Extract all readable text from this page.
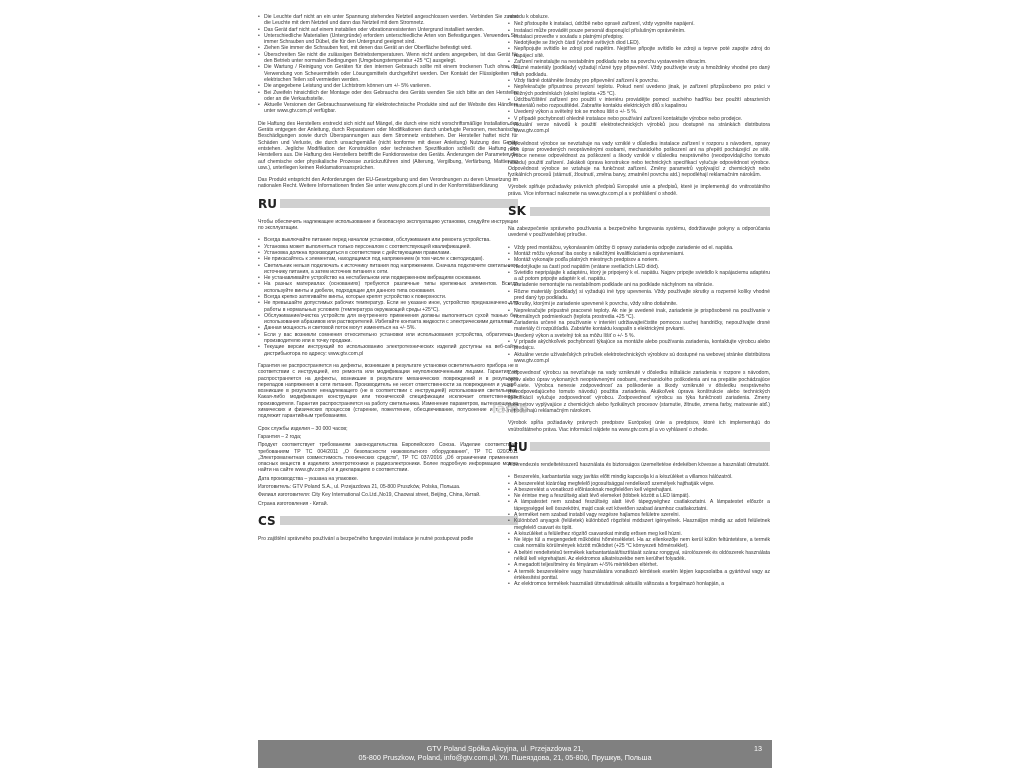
• Die Leuchte darf nicht an ein unter Spannung stehendes Netzteil angeschlossen werden. Verbinden Sie zuerst die Leuchte mit dem Netzteil und dann das Netzteil mit dem Stromnetz.
• Das Gerät darf nicht auf einem instabilen oder vibrationsresistenten Untergrund installiert werden.
• Unterschiedliche Materialien (Untergründe) erfordern unterschiedliche Arten von Befestigungen. Verwenden Sie immer Schrauben und Dübel, die für den Untergrund geeignet sind.
• Ziehen Sie immer die Schrauben fest, mit denen das Gerät an der Oberfläche befestigt wird.
• Überschreiten Sie nicht die zulässigen Betriebstemperaturen. Wenn nicht anders angegeben, ist das Gerät für den Betrieb unter normalen Bedingungen (Umgebungstemperatur +25 °C) ausgelegt.
• Die Wartung / Reinigung von Geräten für den internen Gebrauch sollte mit einem trockenen Tuch ohne die Verwendung von Scheuermitteln oder Lösungsmitteln durchgeführt werden. Der Kontakt der Flüssigkeiten mit elektrischen Teilen soll vermieden werden.
• Die angegebene Leistung und der Lichtstrom können um +/- 5% variieren.
• Bei Zweifeln hinsichtlich der Montage oder des Gebrauchs des Geräts wenden Sie sich bitte an den Hersteller oder an die Verkaufsstelle.
• Aktuelle Versionen der Gebrauchsanweisung für elektrotechnische Produkte sind auf der Website des Händlers unter www.gtv.com.pl verfügbar.

Die Haftung des Herstellers erstreckt sich nicht auf Mängel, die durch eine nicht vorschriftsmäßige Installation des Geräts entgegen der Anleitung, durch Reparaturen oder Modifikationen durch unbefugte Personen, mechanische Beschädigungen sowie durch Überspannungen aus dem Stromnetz entstehen. Der Hersteller haftet nicht für Schäden und Verluste, die durch unsachgemäße (nicht konforme mit dieser Anleitung) Nutzung des Geräts entstehen. Jegliche Modifikation der Konstruktion oder technischen Spezifikation schließt die Haftung des Herstellers aus. Die Haftung des Herstellers betrifft die Funktionsweise des Geräts. Änderungen der Parameter, die auf chemische oder physikalische Prozesse zurückzuführen sind (Alterung, Vergilbung, Verfärbung, Mattierung usw.), unterliegen keinen Reklamationsansprüchen.

Das Produkt entspricht den Anforderungen der EU-Gesetzgebung und den Verordnungen zu deren Umsetzung im nationalen Recht. Weitere Informationen finden Sie unter www.gtv.com.pl und in der Konformitätserklärung

RU

Чтобы обеспечить надлежащее использование и безопасную эксплуатацию установки, следуйте инструкции по эксплуатации.

• Всегда выключайте питание перед началом установки, обслуживания или ремонта устройства.
• Установка может выполняться только персоналом с соответствующей квалификацией.
• Установка должна производиться в соответствии с действующими правилами.
• Не прикасайтесь к элементам, находящимся под напряжением (в том числе к светодиодам).
• Светильник нельзя подключать к источнику питания под напряжением. Сначала подключите светильник к источнику питания, а затем источник питания к сети.
• Не устанавливайте устройство на нестабильном или подверженном вибрациям основании.
• На разных материалах (основаниях) требуются различные типы крепежных элементов. Всегда используйте винты и дюбели, подходящие для данного типа основания.
• Всегда крепко затягивайте винты, которые крепят устройство к поверхности.
• Не превышайте допустимых рабочих температур. Если не указано иное, устройство предназначено для работы в нормальных условиях (температура окружающей среды +25°C).
• Обслуживание/очистка устройств для внутреннего применения должны выполняться сухой тканью без использования абразивов или растворителей. Избегайте контакта жидкости с электрическими деталями.
• Данная мощность и световой поток могут изменяться на +/- 5%.
• Если у вас возникли сомнения относительно установки или использования устройства, обратитесь к производителю или в точку продажи.
• Текущие версии инструкций по использованию электротехнических изделий доступны на веб-сайте дистрибьютора по адресу: www.gtv.com.pl

Гарантия не распространяется на дефекты, возникшие в результате установки осветительного прибора не в соответствии с инструкцией, его ремонта или модификации неуполномоченными лицами. Гарантия не распространяется на дефекты, возникшие в результате механических повреждений и в результате перепадов напряжения в сети питания. Производитель не несет ответственности за повреждения и ущерб, возникшие в результате ненадлежащего (не в соответствии с инструкцией) использования светильника. Какая-либо модификация конструкции или технической спецификации исключает ответственность производителя. Гарантия распространяется на работу светильника. Изменение параметров, вытекающее из химических и физических процессов (старение, пожелтение, обесцвечивание, потускнение и т. п.), не подлежит гарантийным требованиям.

Срок службы изделия – 30 000 часов;

Гарантия – 2 года;

Продукт соответствует требованиям законодательства Европейского Союза. Изделие соответствует требованиям ТР ТС 004/2011 „О безопасности низковольтного оборудования”, ТР ТС 020/2011 „Электромагнитная совместимость технических средств”, ТР ТС 037/2016 „Об ограничении применения опасных веществ в изделиях электротехники и радиоэлектроники. Более подробную информацию можно найти на сайте www.gtv.com.pl и в декларациях о соответствии.

Дата производства – указана на упаковке.

Изготовитель: GTV Poland S.A., ul. Przejazdowa 21, 05-800 Pruszków, Polska, Польша.

Филиал изготовителя: City Key International Co.Ltd.,No19, Chaowai street, Beijing, China, Китай.

Страна изготовления - Китай.

CS

Pro zajištění správného používání a bezpečného fungování instalace je nutné postupovat podle

návodu k obsluze.

• Než přistoupíte k instalaci, údržbě nebo opravě zařízení, vždy vypněte napájení.
• Instalaci může provádět pouze personál disponující příslušným oprávněním.
• Instalaci proveďte v souladu s platnými předpisy.
• Nedotýkejte se živých částí (včetně svítivých diod LED).
• Nepřipojujte svítidlo ke zdroji pod napětím. Nejdříve připojte svítidlo ke zdroji a teprve poté zapojte zdroj do napájecí sítě.
• Zařízení neinstalujte na nestabilním podkladu nebo na povrchu vystaveném vibracím.
• Různé materiály (podklady) vyžadují různé typy připevnění. Vždy používejte vruty a hmoždinky vhodné pro daný druh podkladu.
• Vždy řádně dotáhněte šrouby pro připevnění zařízení k povrchu.
• Nepřekračujte přípustnou provozní teplotu. Pokud není uvedeno jinak, je zařízení přizpůsobeno pro práci v běžných podmínkách (okolní teplota +25 °C).
• Údržbu/čištění zařízení pro použití v interiéru provádějte pomocí suchého hadříku bez použití abrazivních materiálů nebo rozpouštědel. Zabraňte kontaktu elektrických dílů s kapalinou
• Uvedený výkon a světelný tok se mohou lišit o +/- 5 %.
• V případě pochybností ohledně instalace nebo používání zařízení kontaktujte výrobce nebo prodejce.
• Aktuální verze návodů k použití elektrotechnických výrobků jsou dostupné na stránkách distributora www.gtv.com.pl

Odpovědnost výrobce se nevztahuje na vady vzniklé v důsledku instalace zařízení v rozporu s návodem, opravy nebo úprav provedených neoprávněnými osobami, mechanického poškození ani na přepětí pocházející ze sítě. Výrobce nenese odpovědnost za poškození a škody vzniklé v důsledku nesprávného (neodpovídajícího tomuto návodu) použití zařízení. Jakákoli úprava konstrukce nebo technických specifikací vylučuje odpovědnost výrobce. Odpovědnost výrobce se vztahuje na funkčnost zařízení. Změny parametrů vyplývající z chemických nebo fyzikálních procesů (stárnutí, žloutnutí, změna barvy, zmatnění povrchu atd.) nepodléhají reklamačním nárokům.

Výrobek splňuje požadavky právních předpisů Evropské unie a předpisů, které je implementují do vnitrostátního práva. Více informací naleznete na www.gtv.com.pl a v prohlášení o shodě.

SK

Na zabezpečenie správneho používania a bezpečného fungovania systému, dodržiavajte pokyny a odporúčania uvedené v používateľskej príručke.

• Vždy pred montážou, vykonávaním údržby či opravy zariadenia odpojte zariadenie od el. napätia.
• Montáž môžu vykonať iba osoby s náležitými kvalifikáciami a oprávneniami.
• Montáž vykonajte podľa platných miestnych predpisov a noriem.
• Nedotýkajte sa častí pod napätím (vrátane svetlačích LED diód).
• Svietidlo nepripájajte k adaptéru, ktorý je pripojený k el. napätiu. Najprv pripojte svietidlo k napájaciemu adaptéru a až potom pripojte adaptér k el. napätiu.
• Zariadenie nemontujte na nestabilnom podklade ani na podklade náchylnom na vibrácie.
• Rôzne materiály (podklady) si vyžadujú iné typy upevnenia. Vždy používajte skrutky a rozperné kolíky vhodné pred daný typ podkladu.
• Skrutky, ktorými je zariadenie upevnené k povrchu, vždy silno dotiahnite.
• Neprekračujte prípustné pracovné teploty. Ak nie je uvedené inak, zariadenie je prispôsobené na používanie v normálnych podmienkach (teplota prostredia +25 °C).
• Zariadenia určené na používanie v interiéri udržiavajte/čistite pomocou suchej handričky, nepoužívajte drsné materiály či rozpúšťadlá. Zabráňte kontaktu kvapalín s elektrickými prvkami.
• Uvedený výkon a svetelný tok sa môžu líšiť o +/- 5 %.
• V prípade akýchkoľvek pochybností týkajúce sa montáže alebo používania zariadenia, kontaktujte výrobcu alebo predajcu.
• Aktuálne verzie užívateľských príručiek elektrotechnických výrobkov sú dostupné na webovej stránke distribútora www.gtv.com.pl

Zodpovednosť výrobcu sa nevzťahuje na vady vzniknuté v dôsledku inštalácie zariadenia v rozpore s návodom, opráv alebo úprav vykonaných neoprávnenými osobami, mechanického poškodenia ani na prepätie pochádzajúce zo siete. Výrobca nenesie zodpovednosť za poškodenie a škody vzniknuté v dôsledku nesprávneho (nezodpovedajúceho tomuto návodu) použitia zariadenia. Akákoľvek úprava konštrukcie alebo technických špecifikácií vylučuje zodpovednosť výrobcu. Zodpovednosť výrobcu sa týka funkčnosti zariadenia. Zmeny parametrov vyplývajúce z chemických alebo fyzikálnych procesov (starnutie, žltnutie, zmena farby, matovanie atď.) nepodliehajú reklamačným nárokom.

Výrobok spĺňa požiadavky právnych predpisov Európskej únie a predpisov, ktoré ich implementujú do vnútroštátneho práva. Viac informácií nájdete na www.gtv.com.pl a vo vyhlásení o zhode.

HU

A berendezés rendeltetésszerű használata és biztonságos üzemeltetése érdekében kövesse a használati útmutatót.

• Beszerelés, karbantartás vagy javítás előtt mindig kapcsolja ki a készüléket a villamos hálózatról.
• A beszerelést kizárólag megfelelő jogosultsággal rendelkező személyek hajthatják végre.
• A beszerelést a vonatkozó előírásoknak megfelelően kell végrehajtani.
• Ne érintse meg a feszültség alatt lévő elemeket (többek között a LED lámpát).
• A lámpatestet nem szabad feszültség alatt lévő tápegységhez csatlakoztatni. A lámpatestet először a tápegységgel kell összekötni, majd csak ezt követően szabad áramhoz csatlakoztatni.
• A terméket nem szabad instabil vagy rezgésre hajlamos felületre szerelni.
• Különböző anyagok (felületek) különböző rögzítési módszert igényelnek. Használjon mindig az adott felületnek megfelelő csavart és tiplit.
• A készüléket a felülethez rögzítő csavarokat mindig erősen meg kell húzni.
• Ne lépje túl a megengedett működési hőmérsékletet. Ha az ellenkezője nem kerül külön feltüntetésre, a termék csak normális körülmények között működtet (+25 °C környezeti hőmérséklet).
• A beltéri rendeltetésű termékek karbantartását/tisztítását száraz ronggyal, súrolószerek és oldószerek használata nélkül kell végrehajtani. Az elektromos alkatrészekbe nem kerülhet folyadék.
• A megadott teljesítmény és fényáram +/-5% mértékben eltérhet.
• A termék beszerelésére vagy használatára vonatkozó kérdések esetén lépjen kapcsolatba a gyártóval vagy az értékesítési ponttal.
• Az elektromos termékek használati útmutatóinak aktuális változata a forgalmazó honlapján, a
lamb
GTV Poland Spółka Akcyjna, ul. Przejazdowa 21,
05-800 Pruszkow, Poland, info@gtv.com.pl, Ул. Пшеяздова, 21, 05-800, Прушкув, Польша
13
